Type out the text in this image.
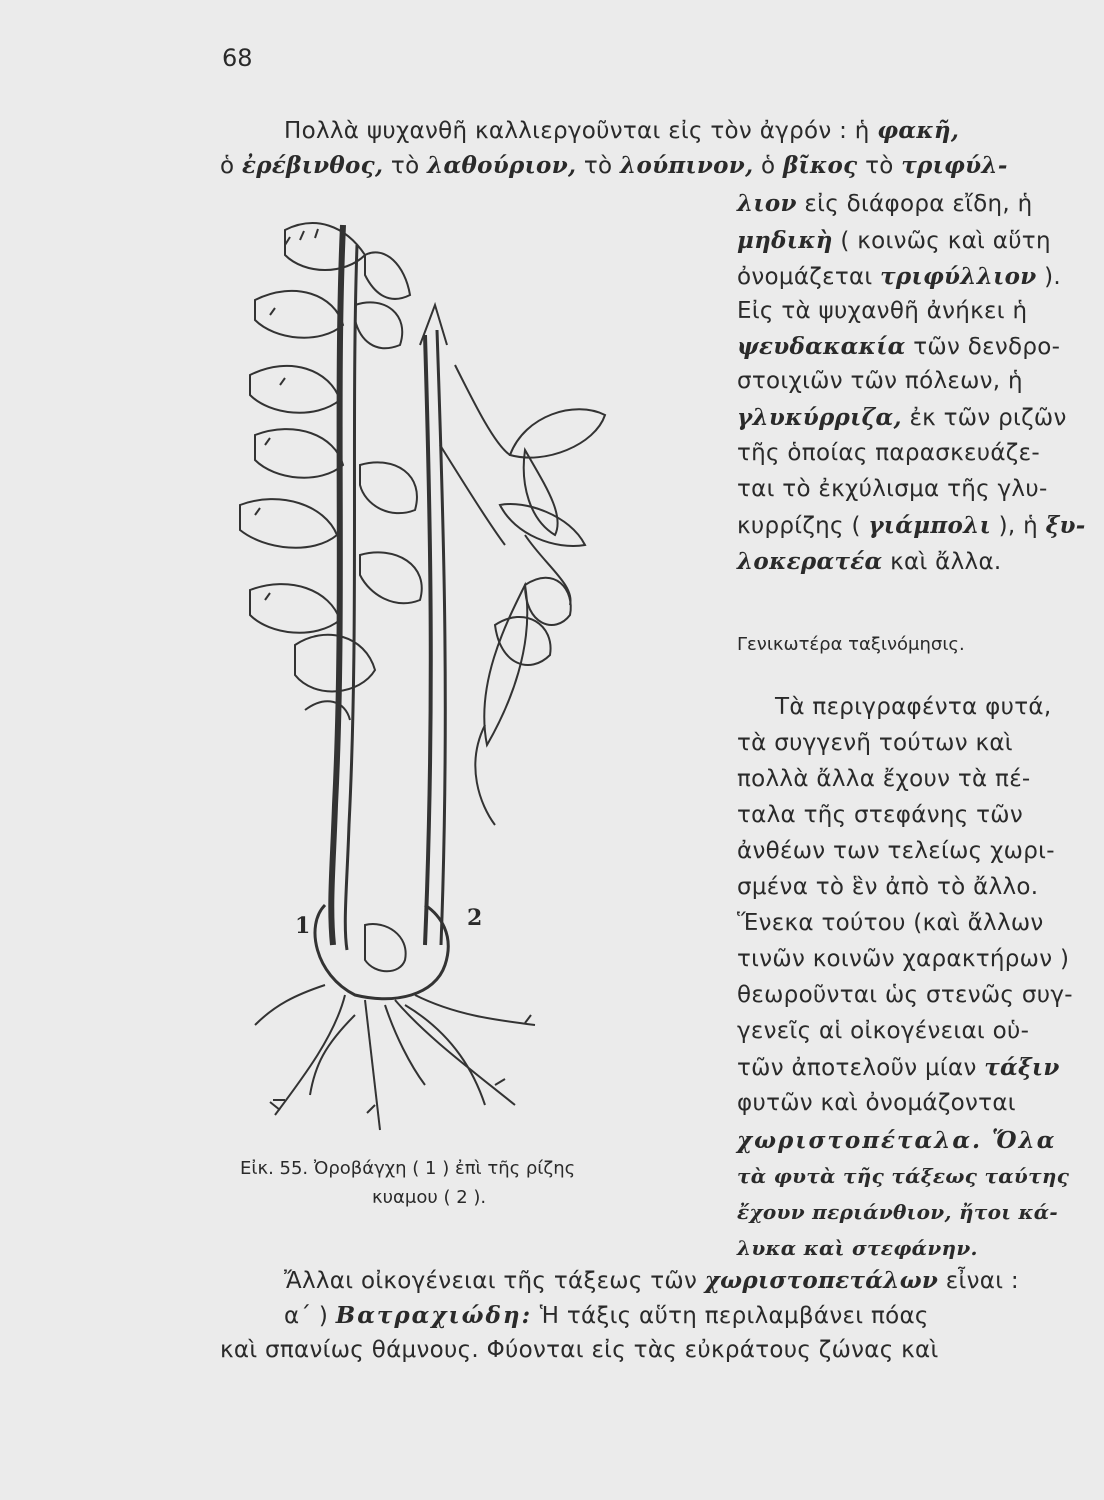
68
Πολλὰ ψυχανθῆ καλλιεργοῦνται εἰς τὸν ἀγρόν : ἡ φακῆ,
ὁ ἐρέβινθος, τὸ λαθούριον, τὸ λούπινον, ὁ βῖκος τὸ τριφύλ-
λιον εἰς διάφορα εἴδη, ἡ
μηδικὴ ( κοινῶς καὶ αὕτη
ὀνομάζεται τριφύλλιον ).
Εἰς τὰ ψυχανθῆ ἀνήκει ἡ
ψευδακακία τῶν δενδρο-
στοιχιῶν τῶν πόλεων, ἡ
γλυκύρριζα, ἐκ τῶν ριζῶν
τῆς ὁποίας παρασκευάζε-
ται τὸ ἐκχύλισμα τῆς γλυ-
κυρρίζης ( γιάμπολι ), ἡ ξυ-
λοκερατέα καὶ ἄλλα.
Γενικωτέρα ταξινόμησις.
Τὰ περιγραφέντα φυτά,
τὰ συγγενῆ τούτων καὶ
πολλὰ ἄλλα ἔχουν τὰ πέ-
ταλα τῆς στεφάνης τῶν
ἀνθέων των τελείως χωρι-
σμένα τὸ ἓν ἀπὸ τὸ ἄλλο.
Ἕνεκα τούτου (καὶ ἄλλων
τινῶν κοινῶν χαρακτήρων )
θεωροῦνται ὡς στενῶς συγ-
γενεῖς αἱ οἰκογένειαι οὑ-
τῶν ἀποτελοῦν μίαν τάξιν
φυτῶν καὶ ὀνομάζονται
χωριστοπέταλα. Ὅλα
τὰ φυτὰ τῆς τάξεως ταύτης
ἔχουν περιάνθιον, ἤτοι κά-
λυκα καὶ στεφάνην.
Ἄλλαι οἰκογένειαι τῆς τάξεως τῶν χωριστοπετάλων εἶναι :
α΄ ) Βατραχιώδη: Ἡ τάξις αὕτη περιλαμβάνει πόας
καὶ σπανίως θάμνους. Φύονται εἰς τὰς εὐκράτους ζώνας καὶ
1	2
Εἰκ. 55. Ὀροβάγχη ( 1 ) ἐπὶ τῆς ρίζης
κυαμου ( 2 ).
